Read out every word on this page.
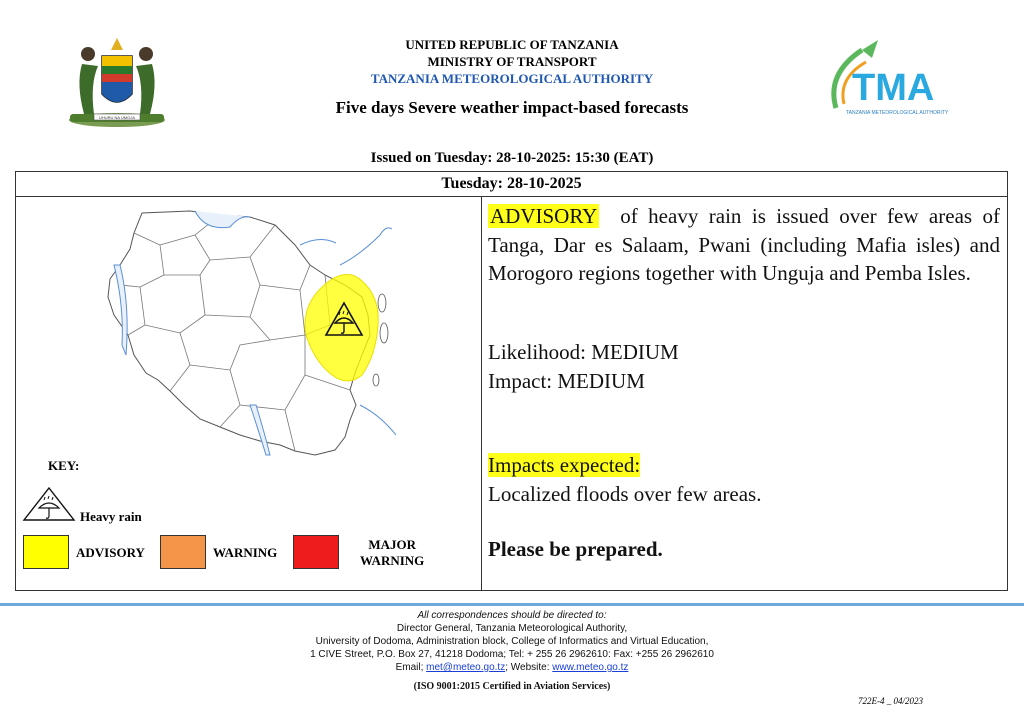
UHURU NA UMOJA
UNITED REPUBLIC OF TANZANIA
MINISTRY OF TRANSPORT
TANZANIA METEOROLOGICAL AUTHORITY
Five days Severe weather impact-based forecasts	TMA
TANZANIA METEOROLOGICAL AUTHORITY
Issued on Tuesday: 28-10-2025: 15:30 (EAT)
Tuesday: 28-10-2025
ADVISORY of heavy rain is issued over few areas of Tanga, Dar es Salaam, Pwani (including Mafia isles) and Morogoro regions together with Unguja and Pemba Isles.
Likelihood: MEDIUM
Impact: MEDIUM
Impacts expected:
Localized floods over few areas.
Please be prepared.
KEY:
Heavy rain
ADVISORY	WARNING
MAJOR
WARNING
All correspondences should be directed to:
Director General, Tanzania Meteorological Authority,
University of Dodoma, Administration block, College of Informatics and Virtual Education,
1 CIVE Street, P.O. Box 27, 41218 Dodoma; Tel: + 255 26 2962610: Fax: +255 26 2962610
Email; met@meteo.go.tz; Website: www.meteo.go.tz
(ISO 9001:2015 Certified in Aviation Services)
722E-4 _ 04/2023
